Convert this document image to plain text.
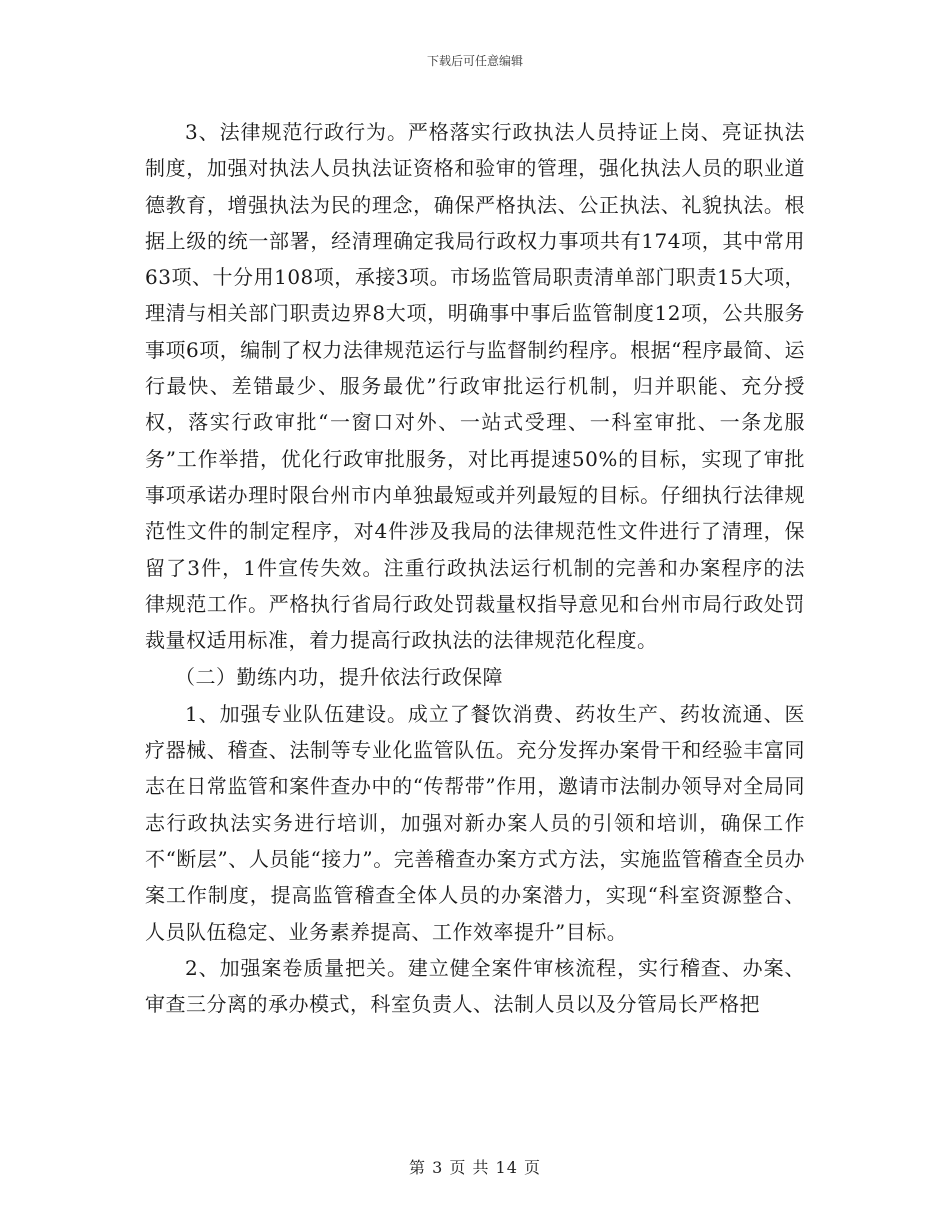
下载后可任意编辑

3、法律规范行政行为。严格落实行政执法人员持证上岗、亮证执法制度，加强对执法人员执法证资格和验审的管理，强化执法人员的职业道德教育，增强执法为民的理念，确保严格执法、公正执法、礼貌执法。根据上级的统一部署，经清理确定我局行政权力事项共有174项，其中常用63项、十分用108项，承接3项。市场监管局职责清单部门职责15大项，理清与相关部门职责边界8大项，明确事中事后监管制度12项，公共服务事项6项，编制了权力法律规范运行与监督制约程序。根据“程序最简、运行最快、差错最少、服务最优”行政审批运行机制，归并职能、充分授权，落实行政审批“一窗口对外、一站式受理、一科室审批、一条龙服务”工作举措，优化行政审批服务，对比再提速50%的目标，实现了审批事项承诺办理时限台州市内单独最短或并列最短的目标。仔细执行法律规范性文件的制定程序，对4件涉及我局的法律规范性文件进行了清理，保留了3件，1件宣传失效。注重行政执法运行机制的完善和办案程序的法律规范工作。严格执行省局行政处罚裁量权指导意见和台州市局行政处罚裁量权适用标准，着力提高行政执法的法律规范化程度。

（二）勤练内功，提升依法行政保障

1、加强专业队伍建设。成立了餐饮消费、药妆生产、药妆流通、医疗器械、稽查、法制等专业化监管队伍。充分发挥办案骨干和经验丰富同志在日常监管和案件查办中的“传帮带”作用，邀请市法制办领导对全局同志行政执法实务进行培训，加强对新办案人员的引领和培训，确保工作不“断层”、人员能“接力”。完善稽查办案方式方法，实施监管稽查全员办案工作制度，提高监管稽查全体人员的办案潜力，实现“科室资源整合、人员队伍稳定、业务素养提高、工作效率提升”目标。

2、加强案卷质量把关。建立健全案件审核流程，实行稽查、办案、审查三分离的承办模式，科室负责人、法制人员以及分管局长严格把

第 3 页 共 14 页
